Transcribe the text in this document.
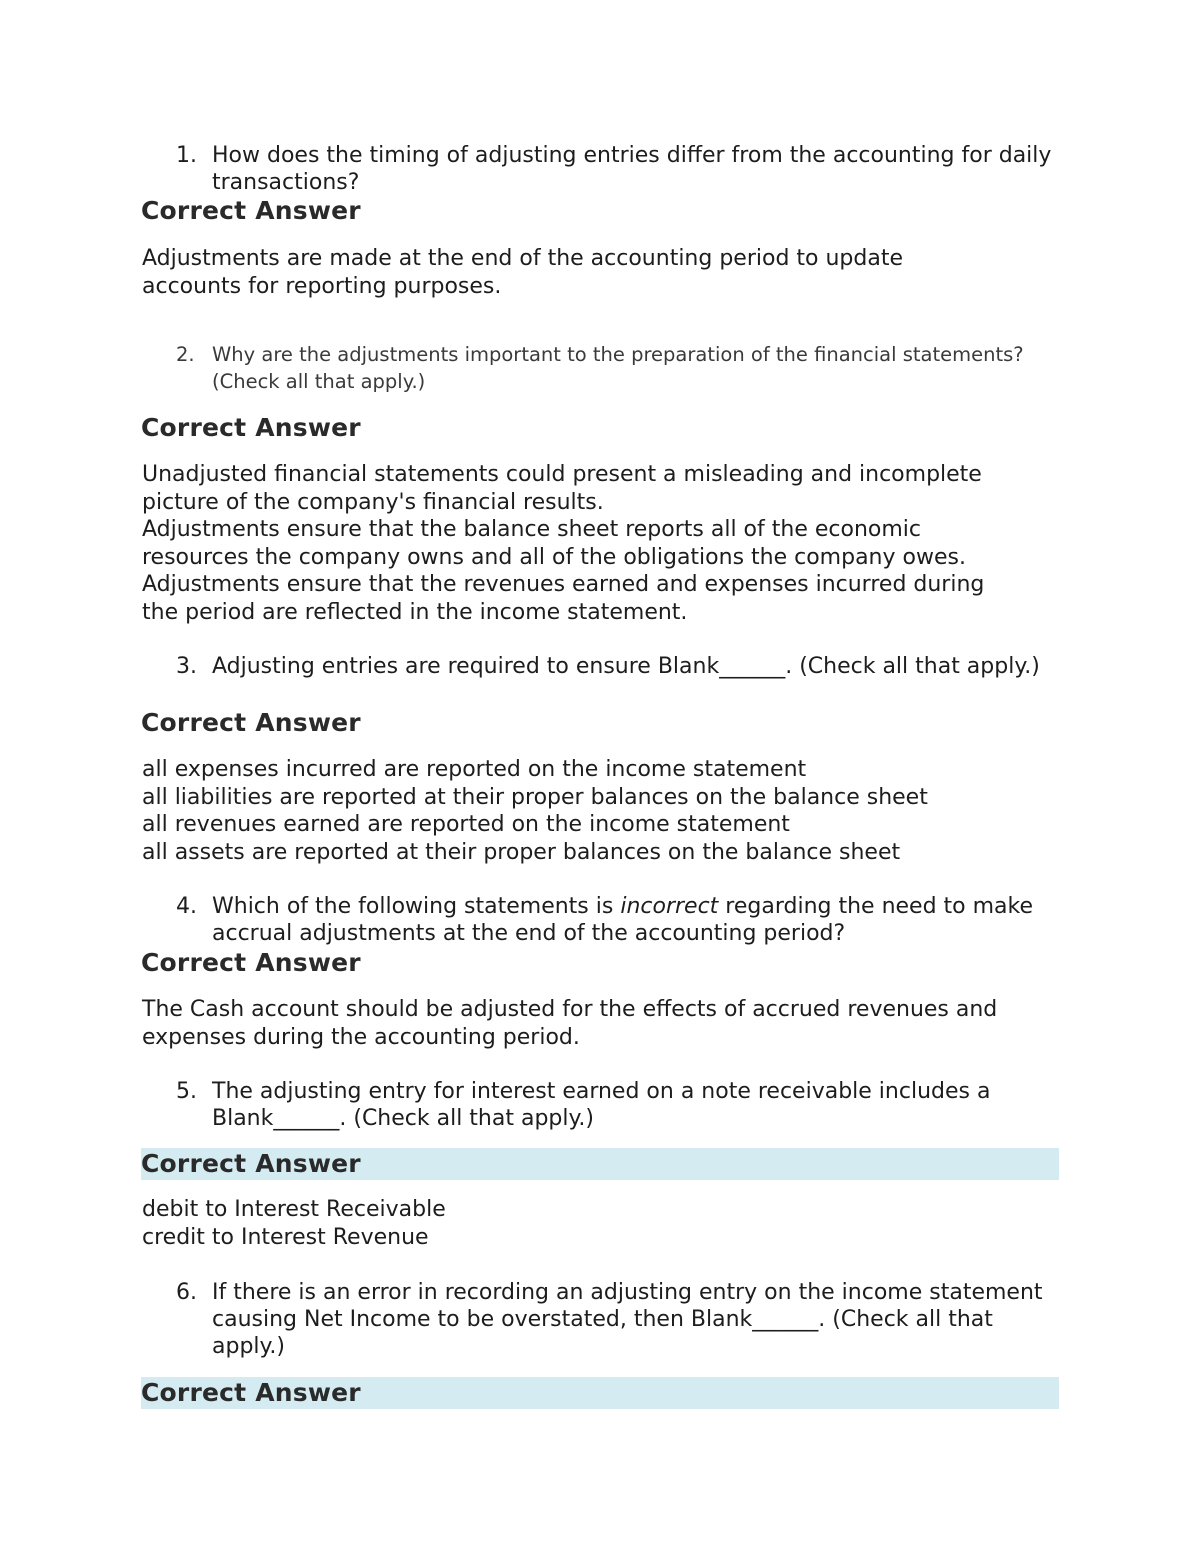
1. How does the timing of adjusting entries differ from the accounting for daily transactions?
Correct Answer
Adjustments are made at the end of the accounting period to update
accounts for reporting purposes.
2. Why are the adjustments important to the preparation of the financial statements? (Check all that apply.)
Correct Answer
Unadjusted financial statements could present a misleading and incomplete
picture of the company's financial results.
Adjustments ensure that the balance sheet reports all of the economic
resources the company owns and all of the obligations the company owes.
Adjustments ensure that the revenues earned and expenses incurred during
the period are reflected in the income statement.
3. Adjusting entries are required to ensure Blank______. (Check all that apply.)
Correct Answer
all expenses incurred are reported on the income statement
all liabilities are reported at their proper balances on the balance sheet
all revenues earned are reported on the income statement
all assets are reported at their proper balances on the balance sheet
4. Which of the following statements is incorrect regarding the need to make accrual adjustments at the end of the accounting period?
Correct Answer
The Cash account should be adjusted for the effects of accrued revenues and
expenses during the accounting period.
5. The adjusting entry for interest earned on a note receivable includes a Blank______. (Check all that apply.)
Correct Answer
debit to Interest Receivable
credit to Interest Revenue
6. If there is an error in recording an adjusting entry on the income statement causing Net Income to be overstated, then Blank______. (Check all that apply.)
Correct Answer
